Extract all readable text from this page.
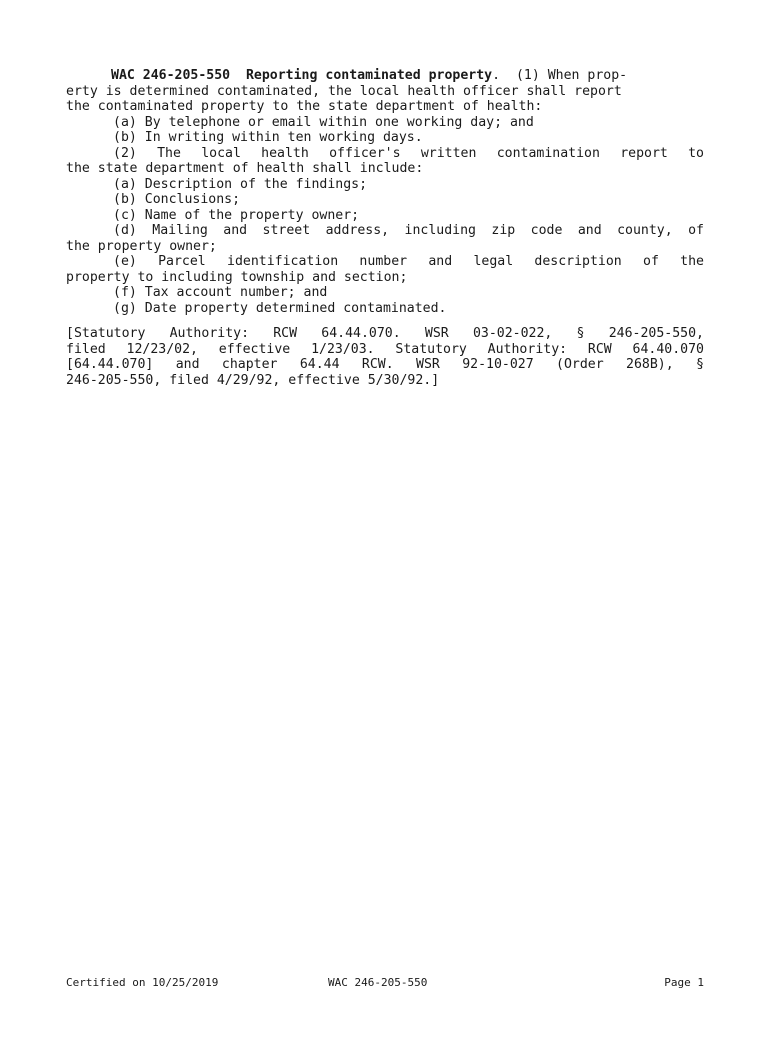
WAC 246-205-550 Reporting contaminated property. (1) When prop-
erty is determined contaminated, the local health officer shall report
the contaminated property to the state department of health:
(a) By telephone or email within one working day; and
(b) In writing within ten working days.
(2) The local health officer's written contamination report to
the state department of health shall include:
(a) Description of the findings;
(b) Conclusions;
(c) Name of the property owner;
(d) Mailing and street address, including zip code and county, of
the property owner;
(e) Parcel identification number and legal description of the
property to including township and section;
(f) Tax account number; and
(g) Date property determined contaminated.
[Statutory Authority: RCW 64.44.070. WSR 03-02-022, § 246-205-550,
filed 12/23/02, effective 1/23/03. Statutory Authority: RCW 64.40.070
[64.44.070] and chapter 64.44 RCW. WSR 92-10-027 (Order 268B), §
246-205-550, filed 4/29/92, effective 5/30/92.]

Certified on 10/25/2019

	WAC 246-205-550

	Page 1
